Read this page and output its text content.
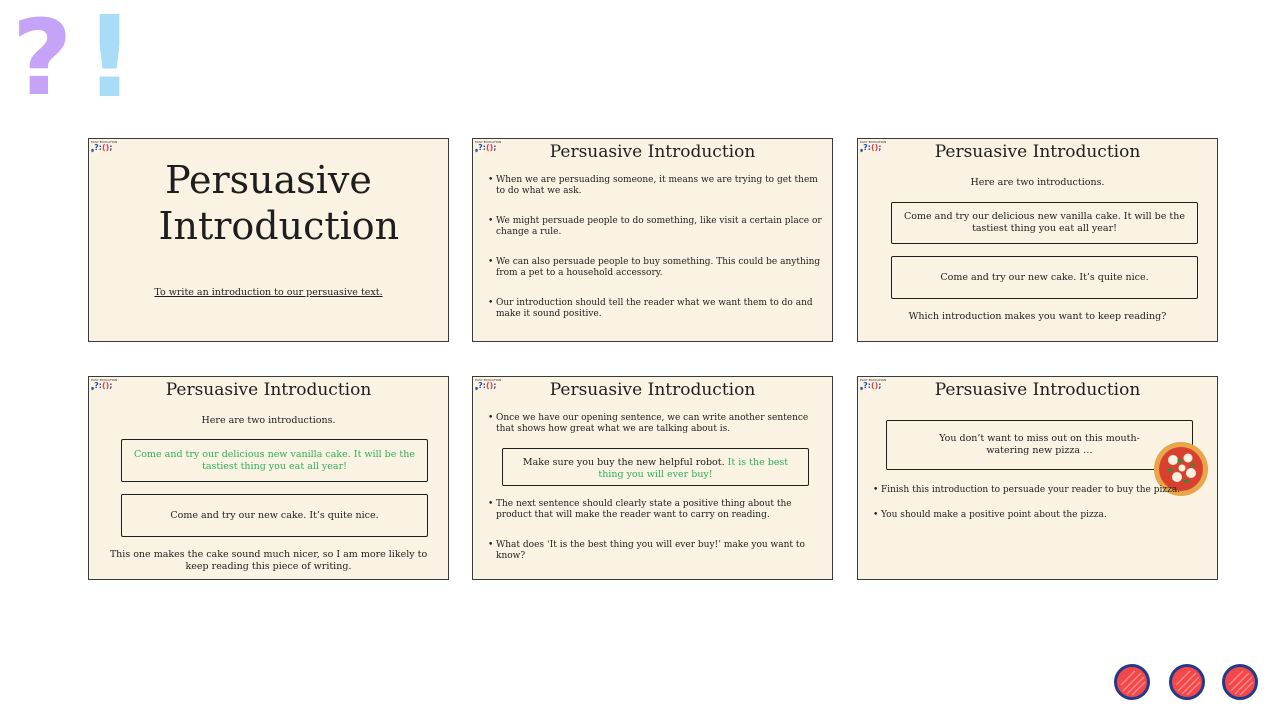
? !
EASY EDUCATION
❟?:();
Persuasive Introduction
To write an introduction to our persuasive text.
EASY EDUCATION
❟?:();	Persuasive Introduction
• When we are persuading someone, it means we are trying to get them to do what we ask.
• We might persuade people to do something, like visit a certain place or change a rule.
• We can also persuade people to buy something. This could be anything from a pet to a household accessory.
• Our introduction should tell the reader what we want them to do and make it sound positive.
EASY EDUCATION
❟?:();	Persuasive Introduction
Here are two introductions.
Come and try our delicious new vanilla cake. It will be the tastiest thing you eat all year!
Come and try our new cake. It’s quite nice.
Which introduction makes you want to keep reading?
EASY EDUCATION
❟?:();	Persuasive Introduction
Here are two introductions.
Come and try our delicious new vanilla cake. It will be the tastiest thing you eat all year!
Come and try our new cake. It’s quite nice.
This one makes the cake sound much nicer, so I am more likely to keep reading this piece of writing.
EASY EDUCATION
❟?:();	Persuasive Introduction
• Once we have our opening sentence, we can write another sentence that shows how great what we are talking about is.
Make sure you buy the new helpful robot. It is the best thing you will ever buy!
• The next sentence should clearly state a positive thing about the product that will make the reader want to carry on reading.
• What does ‘It is the best thing you will ever buy!’ make you want to know?
EASY EDUCATION
❟?:();	Persuasive Introduction
You don’t want to miss out on this mouth-watering new pizza …
• Finish this introduction to persuade your reader to buy the pizza.
• You should make a positive point about the pizza.
